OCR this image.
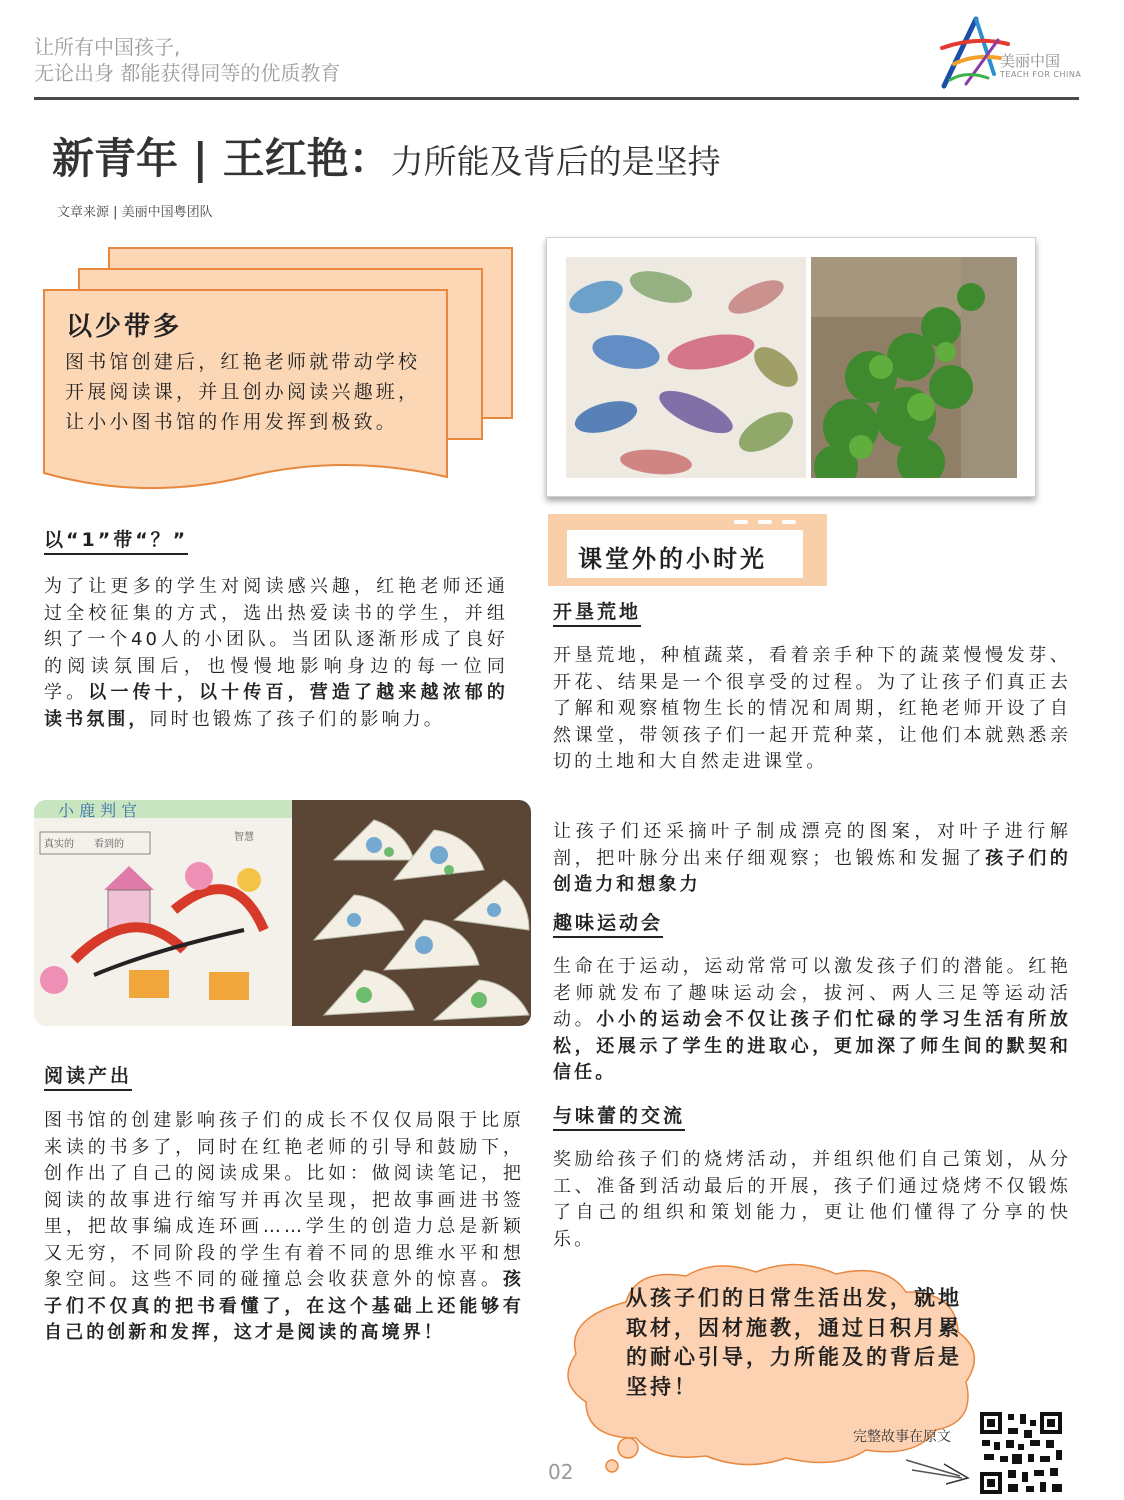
让所有中国孩子,
无论出身 都能获得同等的优质教育	美丽中国
TEACH FOR CHINA
新青年 | 王红艳：力所能及背后的是坚持
文章来源 | 美丽中国粤团队
以少带多
图书馆创建后，红艳老师就带动学校开展阅读课，并且创办阅读兴趣班，让小小图书馆的作用发挥到极致。
以“1”带“？”
为了让更多的学生对阅读感兴趣，红艳老师还通过全校征集的方式，选出热爱读书的学生，并组织了一个40人的小团队。当团队逐渐形成了良好的阅读氛围后，也慢慢地影响身边的每一位同学。以一传十，以十传百，营造了越来越浓郁的读书氛围，同时也锻炼了孩子们的影响力。
小 鹿 判 官
真实的 看到的
智慧
阅读产出
图书馆的创建影响孩子们的成长不仅仅局限于比原来读的书多了，同时在红艳老师的引导和鼓励下，创作出了自己的阅读成果。比如：做阅读笔记，把阅读的故事进行缩写并再次呈现，把故事画进书签里，把故事编成连环画……学生的创造力总是新颖又无穷，不同阶段的学生有着不同的思维水平和想象空间。这些不同的碰撞总会收获意外的惊喜。孩子们不仅真的把书看懂了，在这个基础上还能够有自己的创新和发挥，这才是阅读的高境界！
课堂外的小时光
开垦荒地
开垦荒地，种植蔬菜，看着亲手种下的蔬菜慢慢发芽、开花、结果是一个很享受的过程。为了让孩子们真正去了解和观察植物生长的情况和周期，红艳老师开设了自然课堂，带领孩子们一起开荒种菜，让他们本就熟悉亲切的土地和大自然走进课堂。
让孩子们还采摘叶子制成漂亮的图案，对叶子进行解剖，把叶脉分出来仔细观察；也锻炼和发掘了孩子们的创造力和想象力
趣味运动会
生命在于运动，运动常常可以激发孩子们的潜能。红艳老师就发布了趣味运动会，拔河、两人三足等运动活动。小小的运动会不仅让孩子们忙碌的学习生活有所放松，还展示了学生的进取心，更加深了师生间的默契和信任。
与味蕾的交流
奖励给孩子们的烧烤活动，并组织他们自己策划，从分工、准备到活动最后的开展，孩子们通过烧烤不仅锻炼了自己的组织和策划能力，更让他们懂得了分享的快乐。
从孩子们的日常生活出发，就地取材，因材施教，通过日积月累的耐心引导，力所能及的背后是坚持！
完整故事在原文
02
